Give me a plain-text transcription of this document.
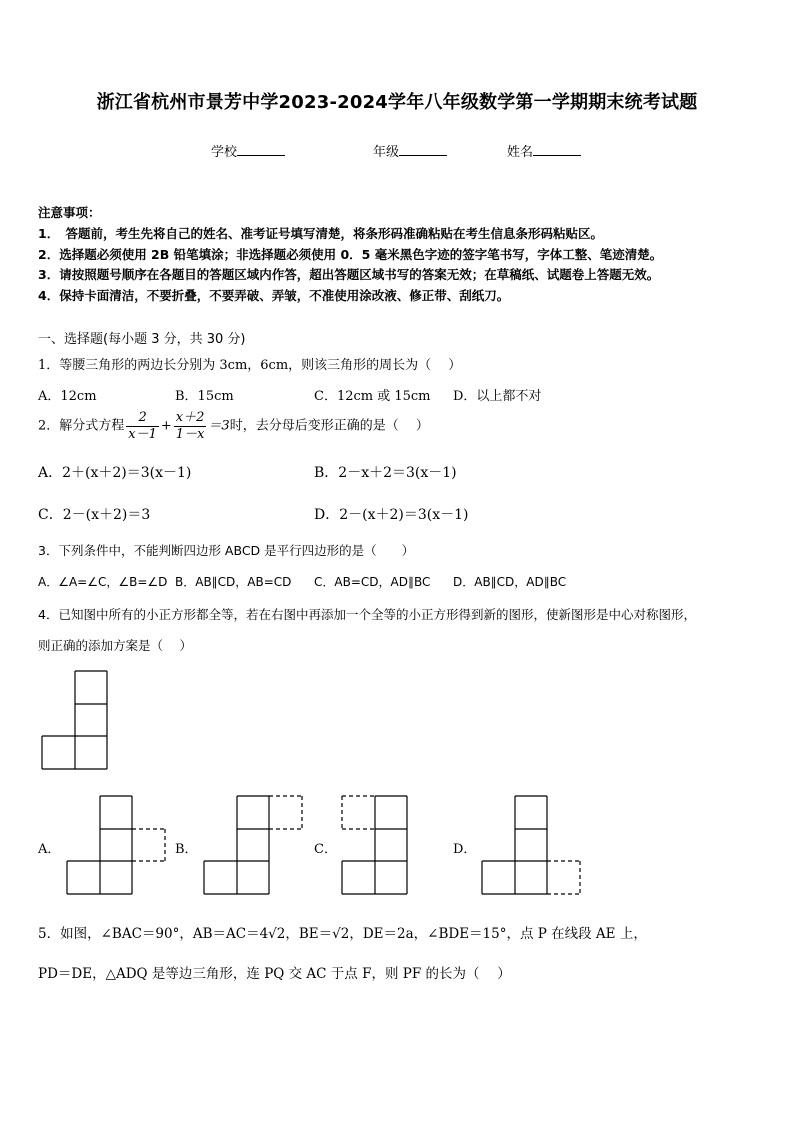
浙江省杭州市景芳中学2023-2024学年八年级数学第一学期期末统考试题
学校	年级	姓名
注意事项：
1．　答题前，考生先将自己的姓名、准考证号填写清楚，将条形码准确粘贴在考生信息条形码粘贴区。
2．选择题必须使用 2B 铅笔填涂；非选择题必须使用 0．5 毫米黑色字迹的签字笔书写，字体工整、笔迹清楚。
3．请按照题号顺序在各题目的答题区域内作答，超出答题区域书写的答案无效；在草稿纸、试题卷上答题无效。
4．保持卡面清洁，不要折叠，不要弄破、弄皱，不准使用涂改液、修正带、刮纸刀。
一、选择题(每小题 3 分，共 30 分)
1．等腰三角形的两边长分别为 3cm，6cm，则该三角形的周长为（　 ）
A．12cm	B．15cm	C．12cm 或 15cm D．以上都不对
2．解分式方程 $\frac{2}{x-1} + \frac{x+2}{1-x} =3$时，去分母后变形正确的是（　 ）
A．2＋(x＋2)＝3(x－1)	B．2－x＋2＝3(x－1)
C．2－(x＋2)＝3	D．2－(x＋2)＝3(x－1)
3．下列条件中，不能判断四边形 ABCD 是平行四边形的是（　　）
A．∠A=∠C，∠B=∠D B．AB∥CD，AB=CD C．AB=CD，AD∥BC D．AB∥CD，AD∥BC
4．已知图中所有的小正方形都全等，若在右图中再添加一个全等的小正方形得到新的图形，使新图形是中心对称图形，
则正确的添加方案是（　 ）
A．	B．	C．	D．
5．如图，∠BAC＝90°，AB＝AC＝4√2，BE＝√2，DE＝2a，∠BDE＝15°，点 P 在线段 AE 上，
PD＝DE，△ADQ 是等边三角形，连 PQ 交 AC 于点 F，则 PF 的长为（　 ）
